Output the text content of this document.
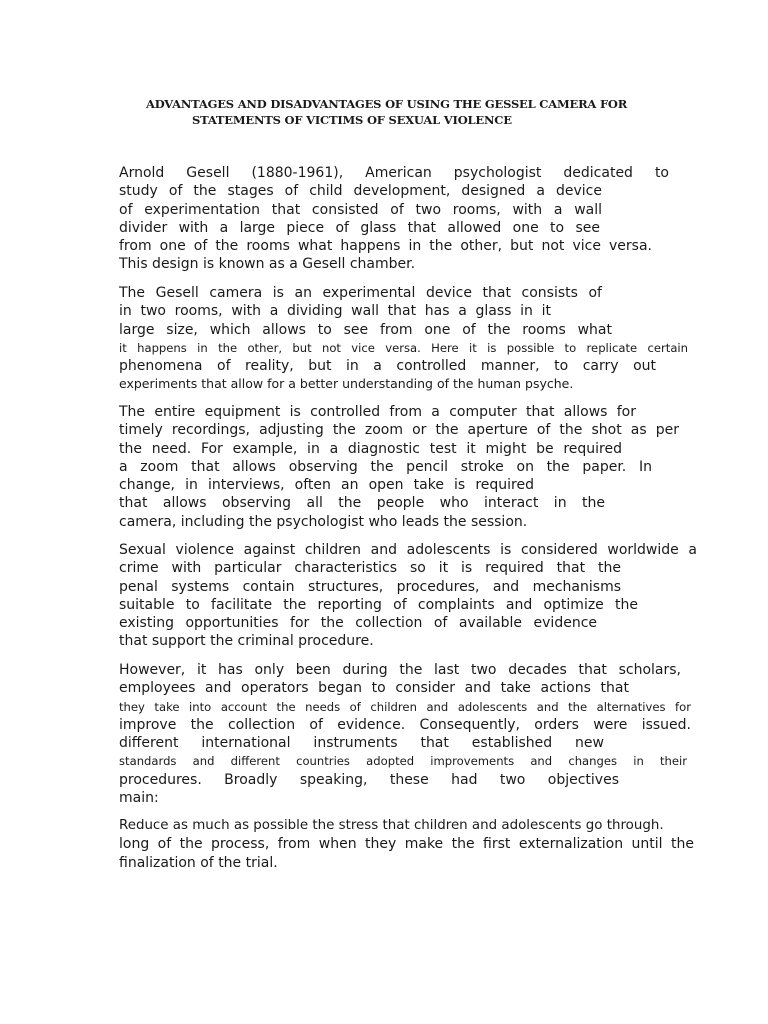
ADVANTAGES AND DISADVANTAGES OF USING THE GESSEL CAMERA FOR
STATEMENTS OF VICTIMS OF SEXUAL VIOLENCE
Arnold Gesell (1880-1961), American psychologist dedicated to
study of the stages of child development, designed a device
of experimentation that consisted of two rooms, with a wall
divider with a large piece of glass that allowed one to see
from one of the rooms what happens in the other, but not vice versa.
This design is known as a Gesell chamber.
The Gesell camera is an experimental device that consists of
in two rooms, with a dividing wall that has a glass in it
large size, which allows to see from one of the rooms what
it happens in the other, but not vice versa. Here it is possible to replicate certain
phenomena of reality, but in a controlled manner, to carry out
experiments that allow for a better understanding of the human psyche.
The entire equipment is controlled from a computer that allows for
timely recordings, adjusting the zoom or the aperture of the shot as per
the need. For example, in a diagnostic test it might be required
a zoom that allows observing the pencil stroke on the paper. In
change, in interviews, often an open take is required
that allows observing all the people who interact in the
camera, including the psychologist who leads the session.
Sexual violence against children and adolescents is considered worldwide a
crime with particular characteristics so it is required that the
penal systems contain structures, procedures, and mechanisms
suitable to facilitate the reporting of complaints and optimize the
existing opportunities for the collection of available evidence
that support the criminal procedure.
However, it has only been during the last two decades that scholars,
employees and operators began to consider and take actions that
they take into account the needs of children and adolescents and the alternatives for
improve the collection of evidence. Consequently, orders were issued.
different international instruments that established new
standards and different countries adopted improvements and changes in their
procedures. Broadly speaking, these had two objectives
main:
Reduce as much as possible the stress that children and adolescents go through.
long of the process, from when they make the first externalization until the
finalization of the trial.
